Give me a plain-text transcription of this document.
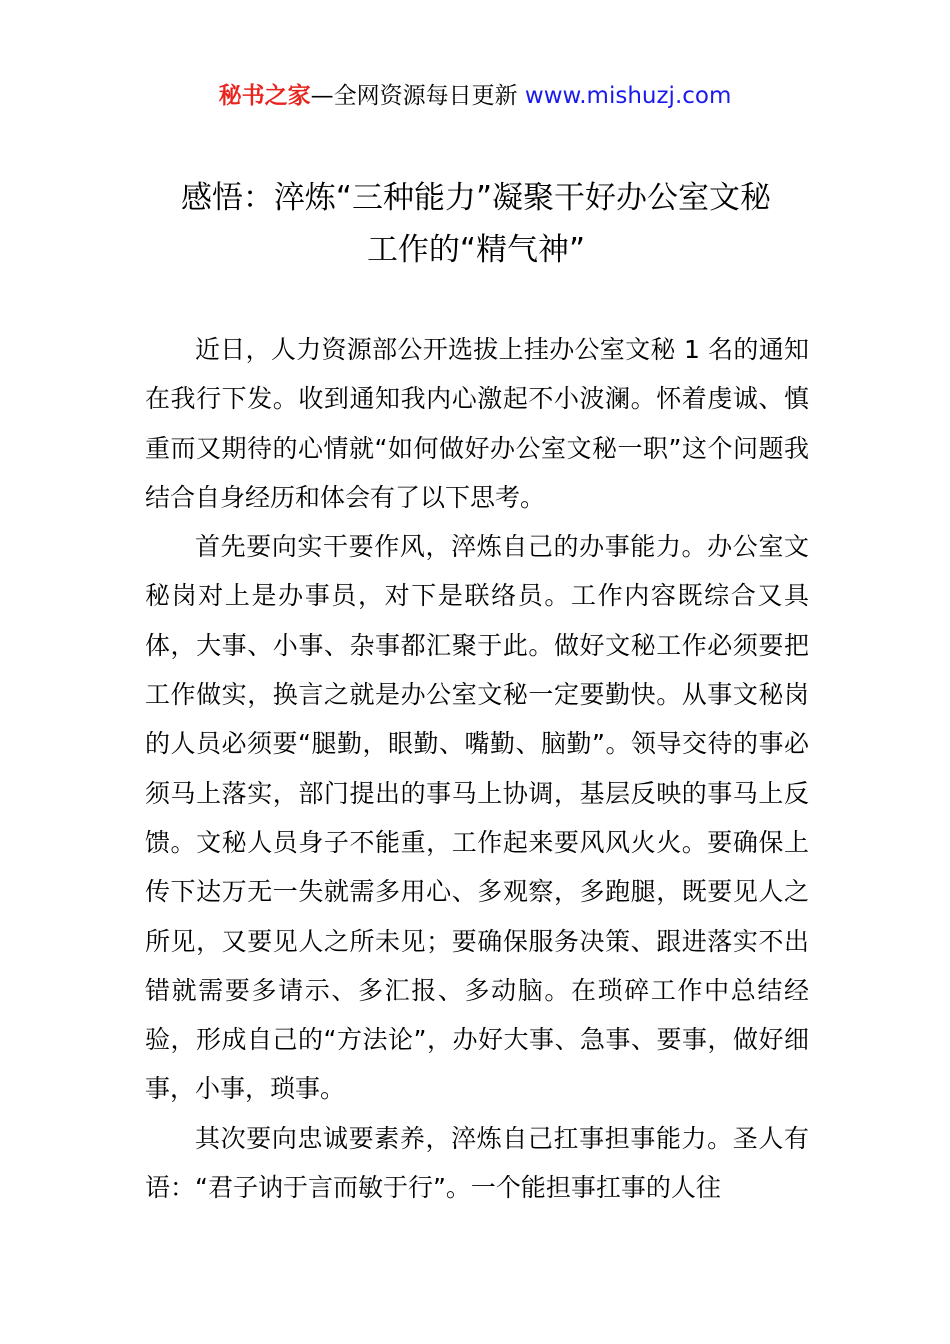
秘书之家—全网资源每日更新 www.mishuzj.com
感悟：淬炼“三种能力”凝聚干好办公室文秘
工作的“精气神”

近日，人力资源部公开选拔上挂办公室文秘 1 名的通知在我行下发。收到通知我内心激起不小波澜。怀着虔诚、慎重而又期待的心情就“如何做好办公室文秘一职”这个问题我结合自身经历和体会有了以下思考。

首先要向实干要作风，淬炼自己的办事能力。办公室文秘岗对上是办事员，对下是联络员。工作内容既综合又具体，大事、小事、杂事都汇聚于此。做好文秘工作必须要把工作做实，换言之就是办公室文秘一定要勤快。从事文秘岗的人员必须要“腿勤，眼勤、嘴勤、脑勤”。领导交待的事必须马上落实，部门提出的事马上协调，基层反映的事马上反馈。文秘人员身子不能重，工作起来要风风火火。要确保上传下达万无一失就需多用心、多观察，多跑腿，既要见人之所见，又要见人之所未见；要确保服务决策、跟进落实不出错就需要多请示、多汇报、多动脑。在琐碎工作中总结经验，形成自己的“方法论”，办好大事、急事、要事，做好细事，小事，琐事。

其次要向忠诚要素养，淬炼自己扛事担事能力。圣人有语：“君子讷于言而敏于行”。一个能担事扛事的人往
